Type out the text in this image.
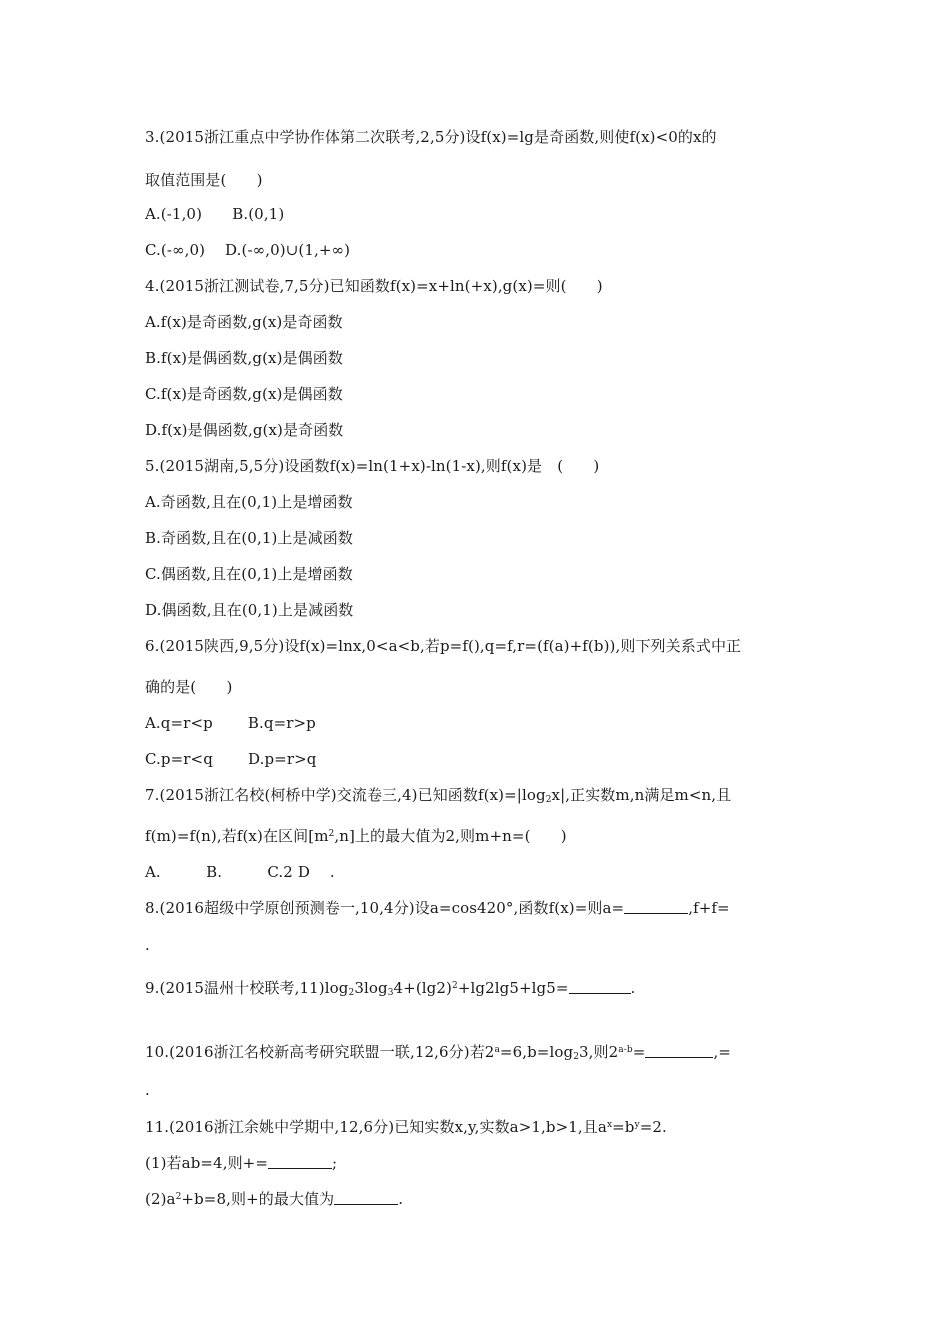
3.(2015浙江重点中学协作体第二次联考,2,5分)设f(x)=lg是奇函数,则使f(x)<0的x的
取值范围是(　　)
A.(-1,0)　　B.(0,1)
C.(-∞,0)　 D.(-∞,0)∪(1,+∞)
4.(2015浙江测试卷,7,5分)已知函数f(x)=x+ln(+x),g(x)=则(　　)
A.f(x)是奇函数,g(x)是奇函数
B.f(x)是偶函数,g(x)是偶函数
C.f(x)是奇函数,g(x)是偶函数
D.f(x)是偶函数,g(x)是奇函数
5.(2015湖南,5,5分)设函数f(x)=ln(1+x)-ln(1-x),则f(x)是　(　　)
A.奇函数,且在(0,1)上是增函数
B.奇函数,且在(0,1)上是减函数
C.偶函数,且在(0,1)上是增函数
D.偶函数,且在(0,1)上是减函数
6.(2015陕西,9,5分)设f(x)=lnx,0<a<b,若p=f(),q=f,r=(f(a)+f(b)),则下列关系式中正
确的是(　　)
A.q=r<p　　 B.q=r>p
C.p=r<q　　 D.p=r>q
7.(2015浙江名校(柯桥中学)交流卷三,4)已知函数$f(x)=|\log_2x|$,正实数m,n满足m<n,且
f(m)=f(n),若f(x)在区间$[m^2,n]$上的最大值为2,则m+n=(　　)
A.　　　B.　　　C.2 D　 .
8.(2016超级中学原创预测卷一,10,4分)设a=cos420°,函数f(x)=则a=	,f+f=
.
9.(2015温州十校联考$,11)\log_23\log_34+(\lg 2)^2+\lg 2\lg 5+\lg 5=$	.
10.(2016浙江名校新高考研究联盟一联,12,6分)若$2^a=6,b=\log_23$,则$2^{a-b}=$	,=
.
11.(2016浙江余姚中学期中,12,6分)已知实数x,y,实数a>1,b>1,且$a^x=b^y=2$.
(1)若ab=4,则+=	;
$(2)a^2+b=8$,则+的最大值为	.
